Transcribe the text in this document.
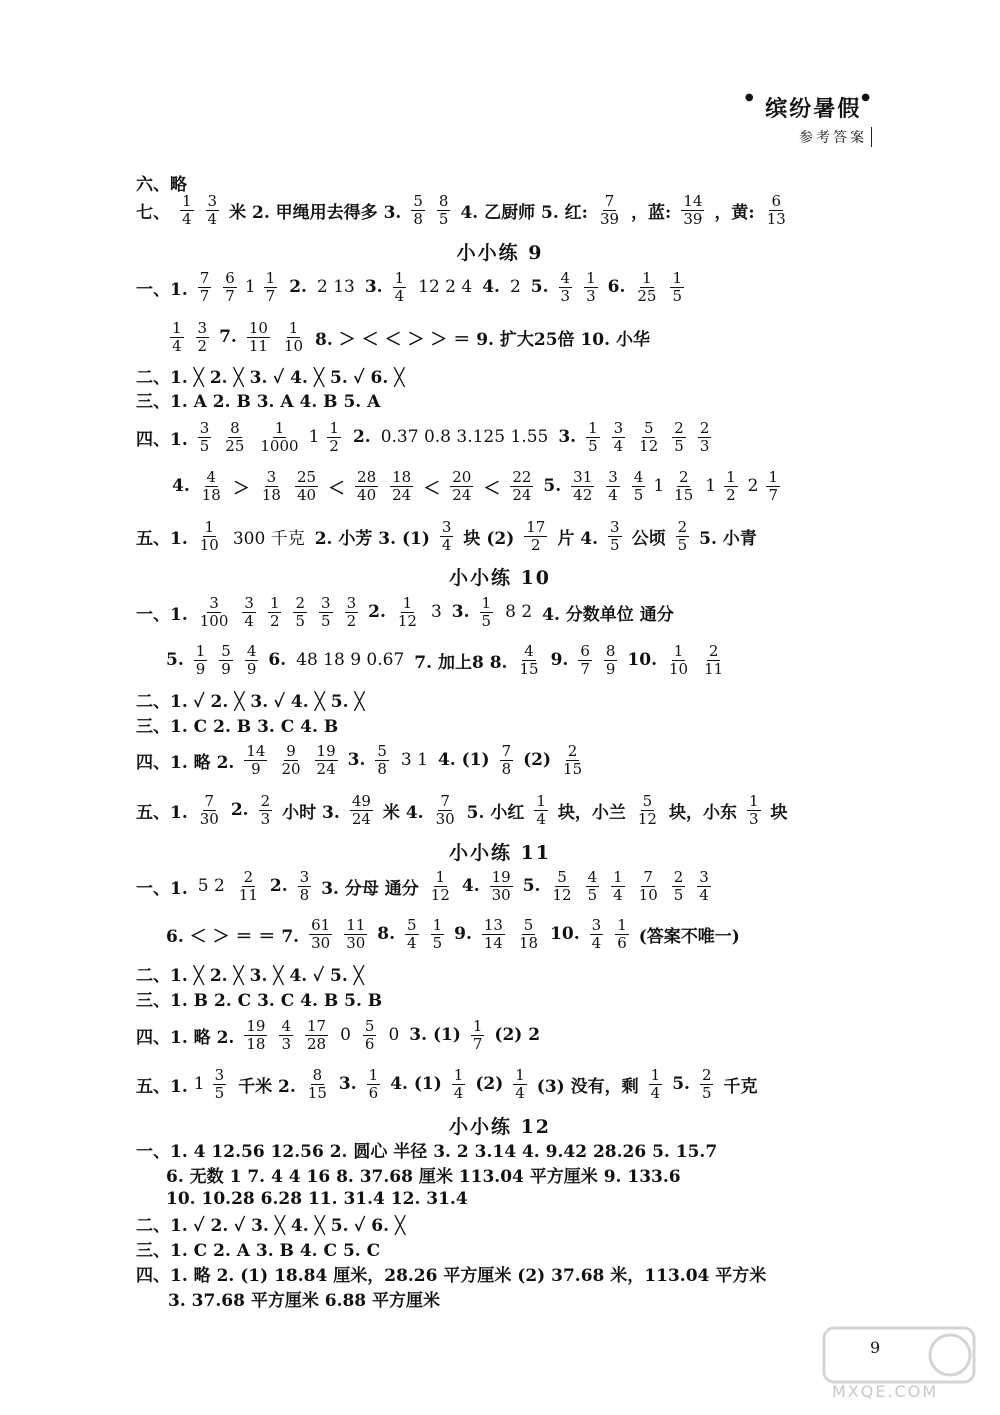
● 缤纷暑假●
参考答案
六、略
七、 $\frac{1}{4} \frac{3}{4}$ 米 2. 甲绳用去得多 3. $\frac{5}{8} \frac{8}{5} 4$. 乙厨师 5. 红: $\frac{7}{39}$ ，蓝: $\frac{14}{39}$ ，黄: $\frac{6}{13}$
小小练 9
一、1. $\frac{7}{7} \frac{6}{7} 1 \frac{1}{7} 2$. 2 13 3. $\frac{1}{4} 12$ 2 4 4. 2 5. $\frac{4}{3} \frac{1}{3} 6$. $\frac{1}{25} \frac{1}{5}$
$\frac{1}{4} \frac{3}{2} 7$. $\frac{10}{11} \frac{1}{10} 8$. ＞ ＜ ＜ ＞ ＞ ＝ 9. 扩大25倍 10. 小华
二、1. ╳ 2. ╳ 3. ✓ 4. ╳ 5. ✓ 6. ╳
三、1. A 2. B 3. A 4. B 5. A
四、1. $\frac{3}{5} \frac{8}{25} \frac{1}{1000} 1 \frac{1}{2} 2$. 0.37 0.8 3.125 1.55 3. $\frac{1}{5} \frac{3}{4} \frac{5}{12} \frac{2}{5} \frac{2}{3}$
4. $\frac{4}{18} > \frac{3}{18} \frac{25}{40} < \frac{28}{40} \frac{18}{24} < \frac{20}{24} < \frac{22}{24} 5$. $\frac{31}{42} \frac{3}{4} \frac{4}{5} 1 \frac{2}{15} 1 \frac{1}{2} 2 \frac{1}{7}$
五、1. $\frac{1}{10} 300$ 千克 2. 小芳 3. $(1) \frac{3}{4}$ 块 $(2) \frac{17}{2}$ 片 4. $\frac{3}{5}$ 公顷 $\frac{2}{5} 5$. 小青
小小练 10
一、1. $\frac{3}{100} \frac{3}{4} \frac{1}{2} \frac{2}{5} \frac{3}{5} \frac{3}{2} 2$. $\frac{1}{12} 3$ 3. $\frac{1}{5} 8$ 2 4. 分数单位 通分
5. $\frac{1}{9} \frac{5}{9} \frac{4}{9} 6$. 48 18 9 0.67 7. 加上8 8. $\frac{4}{15} 9$. $\frac{6}{7} \frac{8}{9} 10$. $\frac{1}{10} \frac{2}{11}$
二、1. ✓ 2. ╳ 3. ✓ 4. ╳ 5. ╳
三、1. C 2. B 3. C 4. B
四、1. 略 2. $\frac{14}{9} \frac{9}{20} \frac{19}{24} 3$. $\frac{5}{8} 3$ 1 4. $(1) \frac{7}{8} (2) \frac{2}{15}$
五、1. $\frac{7}{30} 2$. $\frac{2}{3}$ 小时 3. $\frac{49}{24}$ 米 4. $\frac{7}{30} 5$. 小红 $\frac{1}{4}$ 块，小兰 $\frac{5}{12}$ 块，小东 $\frac{1}{3}$ 块
小小练 11
一、1. 5 $2 \frac{2}{11} 2$. $\frac{3}{8} 3$. 分母 通分 $\frac{1}{12} 4$. $\frac{19}{30} 5$. $\frac{5}{12} \frac{4}{5} \frac{1}{4} \frac{7}{10} \frac{2}{5} \frac{3}{4}$
6. ＜ ＞ ＝ ＝ 7. $\frac{61}{30} \frac{11}{30} 8$. $\frac{5}{4} \frac{1}{5} 9$. $\frac{13}{14} \frac{5}{18} 10$. $\frac{3}{4} \frac{1}{6}$ (答案不唯一)
二、1. ╳ 2. ╳ 3. ╳ 4. ✓ 5. ╳
三、1. B 2. C 3. C 4. B 5. B
四、1. 略 2. $\frac{19}{18} \frac{4}{3} \frac{17}{28} 0 \frac{5}{6} 0$ 3. $(1) \frac{1}{7} (2)$ 2
五、1. $1 \frac{3}{5}$ 千米 2. $\frac{8}{15} 3$. $\frac{1}{6} 4$. $(1) \frac{1}{4} (2) \frac{1}{4} (3)$ 没有，剩 $\frac{1}{4} 5$. $\frac{2}{5}$ 千克
小小练 12
一、1. 4 12.56 12.56 2. 圆心 半径 3. 2 3.14 4. 9.42 28.26 5. 15.7
6. 无数 1 7. 4 4 16 8. 37.68 厘米 113.04 平方厘米 9. 133.6
10. 10.28 6.28 11. 31.4 12. 31.4
二、1. ✓ 2. ✓ 3. ╳ 4. ╳ 5. ✓ 6. ╳
三、1. C 2. A 3. B 4. C 5. C
四、1. 略 2. (1) 18.84 厘米，28.26 平方厘米 (2) 37.68 米，113.04 平方米
3. 37.68 平方厘米 6.88 平方厘米
9
MXQE.COM
